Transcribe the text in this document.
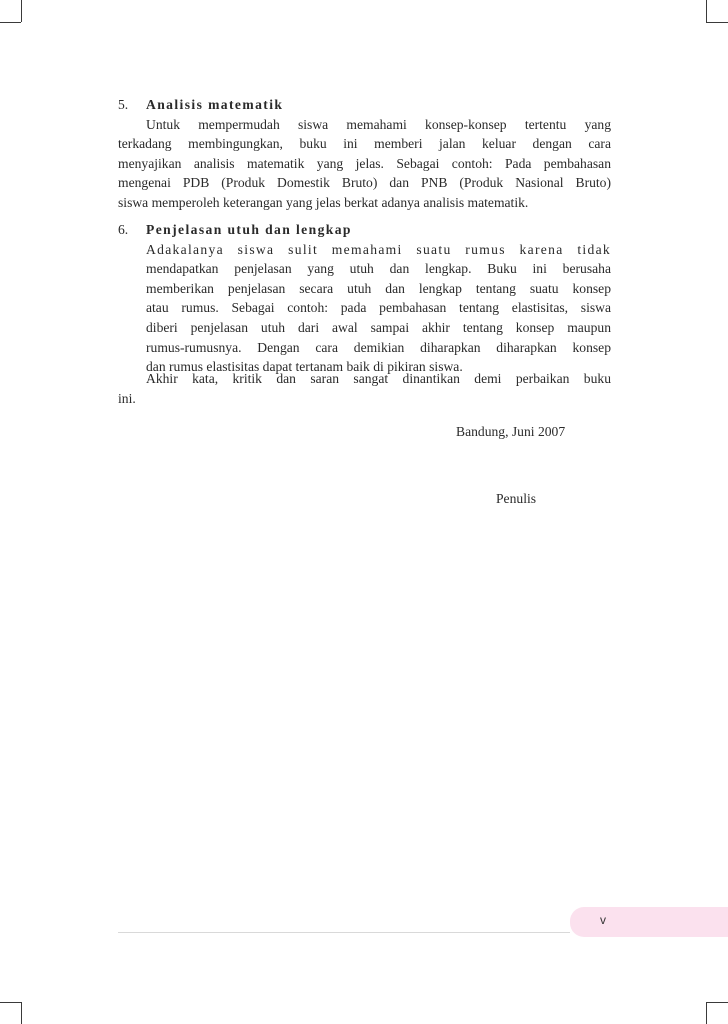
5. Analisis matematik
Untuk mempermudah siswa memahami konsep-konsep tertentu yang
terkadang membingungkan, buku ini memberi jalan keluar dengan cara
menyajikan analisis matematik yang jelas. Sebagai contoh: Pada pembahasan
mengenai PDB (Produk Domestik Bruto) dan PNB (Produk Nasional Bruto)
siswa memperoleh keterangan yang jelas berkat adanya analisis matematik.
6. Penjelasan utuh dan lengkap
Adakalanya siswa sulit memahami suatu rumus karena tidak
mendapatkan penjelasan yang utuh dan lengkap. Buku ini berusaha
memberikan penjelasan secara utuh dan lengkap tentang suatu konsep
atau rumus. Sebagai contoh: pada pembahasan tentang elastisitas, siswa
diberi penjelasan utuh dari awal sampai akhir tentang konsep maupun
rumus-rumusnya. Dengan cara demikian diharapkan diharapkan konsep
dan rumus elastisitas dapat tertanam baik di pikiran siswa.
Akhir kata, kritik dan saran sangat dinantikan demi perbaikan buku
ini.
Bandung, Juni 2007
Penulis
v
